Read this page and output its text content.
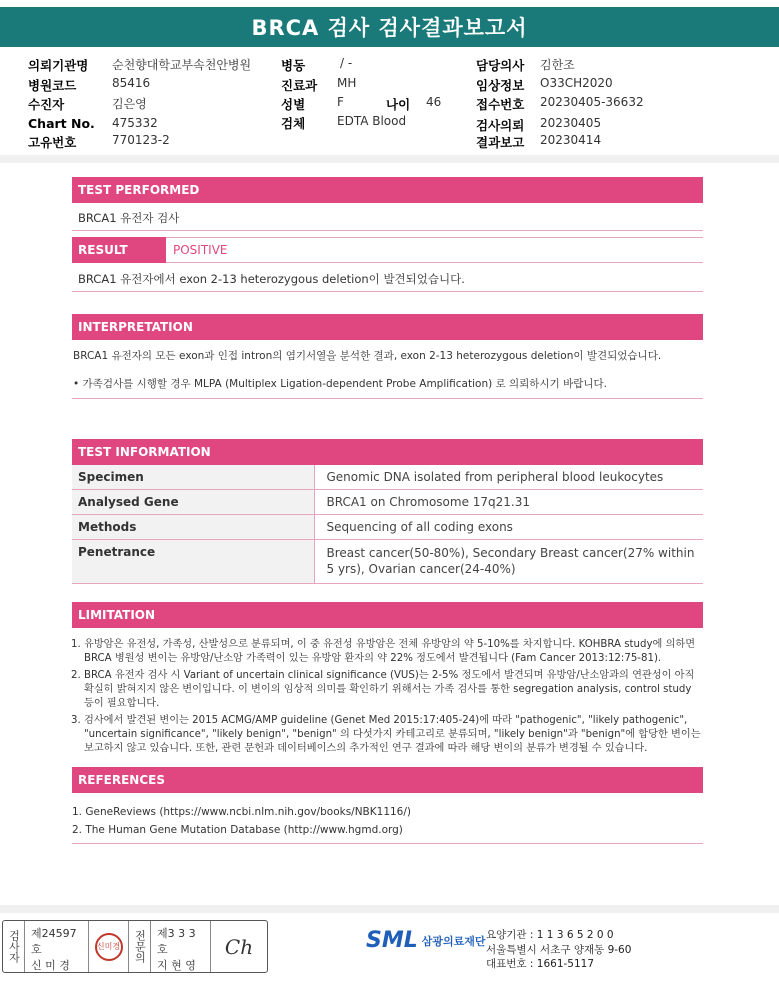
BRCA 검사 검사결과보고서
의뢰기관명 순천향대학교부속천안병원
병원코드	85416
수진자	김은영
Chart No. 475332
고유번호	770123-2
병동	/ -
진료과 MH
성별	F	나이 46
검체	EDTA Blood
담당의사 김한조
임상정보 O33CH2020
접수번호 20230405-36632
검사의뢰 20230405
결과보고 20230414
TEST PERFORMED
BRCA1 유전자 검사
RESULT	POSITIVE
BRCA1 유전자에서 exon 2-13 heterozygous deletion이 발견되었습니다.
INTERPRETATION
BRCA1 유전자의 모든 exon과 인접 intron의 염기서열을 분석한 결과, exon 2-13 heterozygous deletion이 발견되었습니다.
• 가족검사를 시행할 경우 MLPA (Multiplex Ligation-dependent Probe Amplification) 로 의뢰하시기 바랍니다.
TEST INFORMATION
Specimen	Genomic DNA isolated from peripheral blood leukocytes
Analysed Gene	BRCA1 on Chromosome 17q21.31
Methods	Sequencing of all coding exons
Penetrance	Breast cancer(50-80%), Secondary Breast cancer(27% within 5 yrs), Ovarian cancer(24-40%)
LIMITATION
1. 유방암은 유전성, 가족성, 산발성으로 분류되며, 이 중 유전성 유방암은 전체 유방암의 약 5-10%를 차지합니다. KOHBRA study에 의하면 BRCA 병원성 변이는 유방암/난소암 가족력이 있는 유방암 환자의 약 22% 정도에서 발견됩니다 (Fam Cancer 2013:12:75-81).
2. BRCA 유전자 검사 시 Variant of uncertain clinical significance (VUS)는 2-5% 정도에서 발견되며 유방암/난소암과의 연관성이 아직 확실히 밝혀지지 않은 변이입니다. 이 변이의 임상적 의미를 확인하기 위해서는 가족 검사를 통한 segregation analysis, control study 등이 필요합니다.
3. 검사에서 발견된 변이는 2015 ACMG/AMP guideline (Genet Med 2015:17:405-24)에 따라 "pathogenic", "likely pathogenic", "uncertain significance", "likely benign", "benign" 의 다섯가지 카테고리로 분류되며, "likely benign"과 "benign"에 합당한 변이는 보고하지 않고 있습니다. 또한, 관련 문헌과 데이터베이스의 추가적인 연구 결과에 따라 해당 변이의 분류가 변경될 수 있습니다.
REFERENCES
1. GeneReviews (https://www.ncbi.nlm.nih.gov/books/NBK1116/)
2. The Human Gene Mutation Database (http://www.hgmd.org)
검사자 제24597호
신 미 경
신미경	전문의 제3 3 3 호
지 현 영
Ch	SML 삼광의료재단 요양기관 : 1 1 3 6 5 2 0 0
서울특별시 서초구 양재동 9-60
대표번호 : 1661-5117
